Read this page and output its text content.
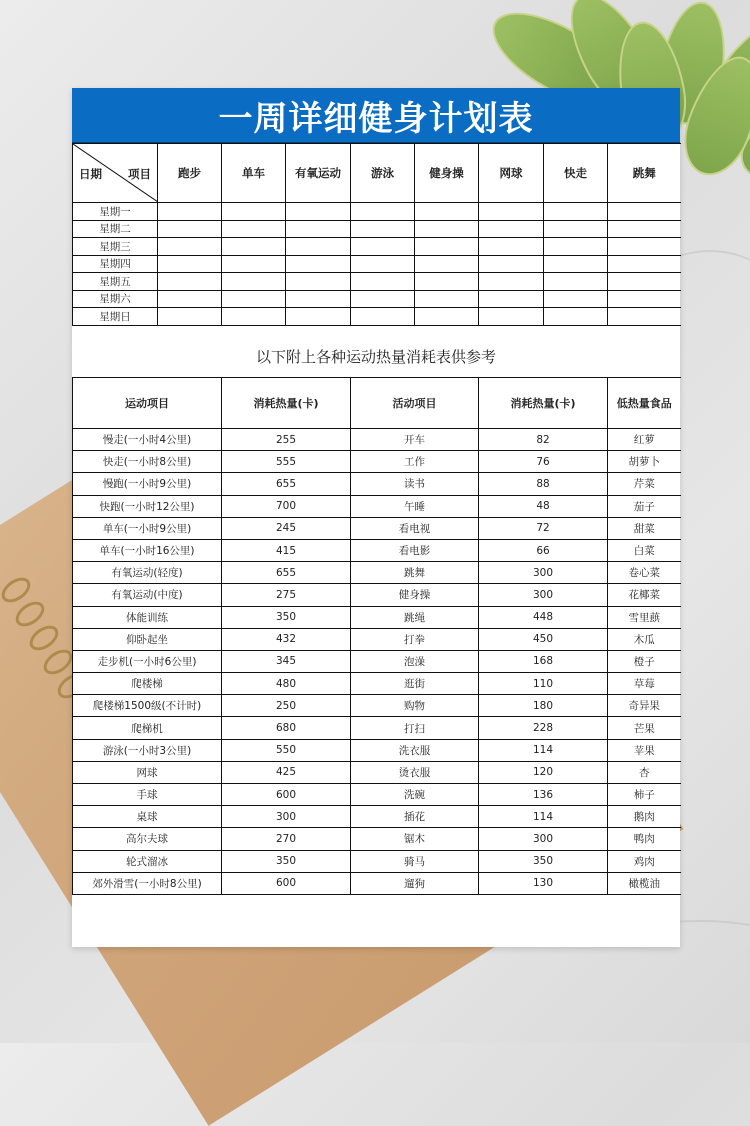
一周详细健身计划表
日期 项目	跑步	单车	有氧运动	游泳	健身操	网球	快走	跳舞
星期一								
星期二								
星期三								
星期四								
星期五								
星期六								
星期日								
以下附上各种运动热量消耗表供参考
运动项目	消耗热量(卡)	活动项目	消耗热量(卡)	低热量食品
慢走(一小时4公里)	255	开车	82	红萝
快走(一小时8公里)	555	工作	76	胡萝卜
慢跑(一小时9公里)	655	读书	88	芹菜
快跑(一小时12公里)	700	午睡	48	茄子
单车(一小时9公里)	245	看电视	72	甜菜
单车(一小时16公里)	415	看电影	66	白菜
有氧运动(轻度)	655	跳舞	300	卷心菜
有氧运动(中度)	275	健身操	300	花椰菜
体能训练	350	跳绳	448	雪里蕻
仰卧起坐	432	打拳	450	木瓜
走步机(一小时6公里)	345	泡澡	168	橙子
爬楼梯	480	逛街	110	草莓
爬楼梯1500级(不计时)	250	购物	180	奇异果
爬梯机	680	打扫	228	芒果
游泳(一小时3公里)	550	洗衣服	114	苹果
网球	425	烫衣服	120	杏
手球	600	洗碗	136	柿子
桌球	300	插花	114	鹅肉
高尔夫球	270	锯木	300	鸭肉
轮式溜冰	350	骑马	350	鸡肉
郊外滑雪(一小时8公里)	600	遛狗	130	橄榄油
